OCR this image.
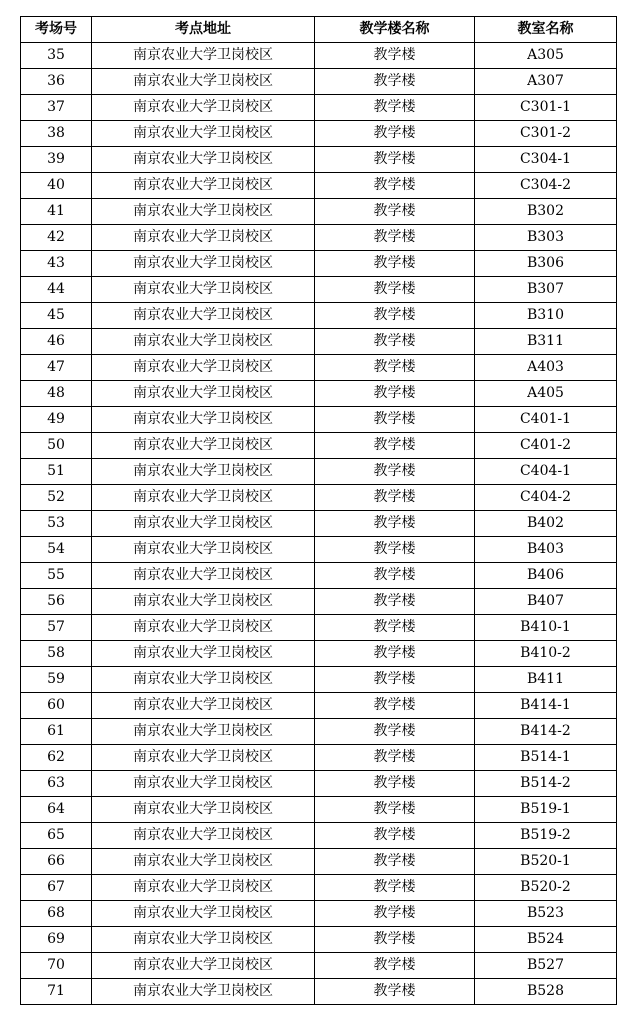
考场号	考点地址	教学楼名称	教室名称
35	南京农业大学卫岗校区	教学楼	A305
36	南京农业大学卫岗校区	教学楼	A307
37	南京农业大学卫岗校区	教学楼	C301-1
38	南京农业大学卫岗校区	教学楼	C301-2
39	南京农业大学卫岗校区	教学楼	C304-1
40	南京农业大学卫岗校区	教学楼	C304-2
41	南京农业大学卫岗校区	教学楼	B302
42	南京农业大学卫岗校区	教学楼	B303
43	南京农业大学卫岗校区	教学楼	B306
44	南京农业大学卫岗校区	教学楼	B307
45	南京农业大学卫岗校区	教学楼	B310
46	南京农业大学卫岗校区	教学楼	B311
47	南京农业大学卫岗校区	教学楼	A403
48	南京农业大学卫岗校区	教学楼	A405
49	南京农业大学卫岗校区	教学楼	C401-1
50	南京农业大学卫岗校区	教学楼	C401-2
51	南京农业大学卫岗校区	教学楼	C404-1
52	南京农业大学卫岗校区	教学楼	C404-2
53	南京农业大学卫岗校区	教学楼	B402
54	南京农业大学卫岗校区	教学楼	B403
55	南京农业大学卫岗校区	教学楼	B406
56	南京农业大学卫岗校区	教学楼	B407
57	南京农业大学卫岗校区	教学楼	B410-1
58	南京农业大学卫岗校区	教学楼	B410-2
59	南京农业大学卫岗校区	教学楼	B411
60	南京农业大学卫岗校区	教学楼	B414-1
61	南京农业大学卫岗校区	教学楼	B414-2
62	南京农业大学卫岗校区	教学楼	B514-1
63	南京农业大学卫岗校区	教学楼	B514-2
64	南京农业大学卫岗校区	教学楼	B519-1
65	南京农业大学卫岗校区	教学楼	B519-2
66	南京农业大学卫岗校区	教学楼	B520-1
67	南京农业大学卫岗校区	教学楼	B520-2
68	南京农业大学卫岗校区	教学楼	B523
69	南京农业大学卫岗校区	教学楼	B524
70	南京农业大学卫岗校区	教学楼	B527
71	南京农业大学卫岗校区	教学楼	B528
